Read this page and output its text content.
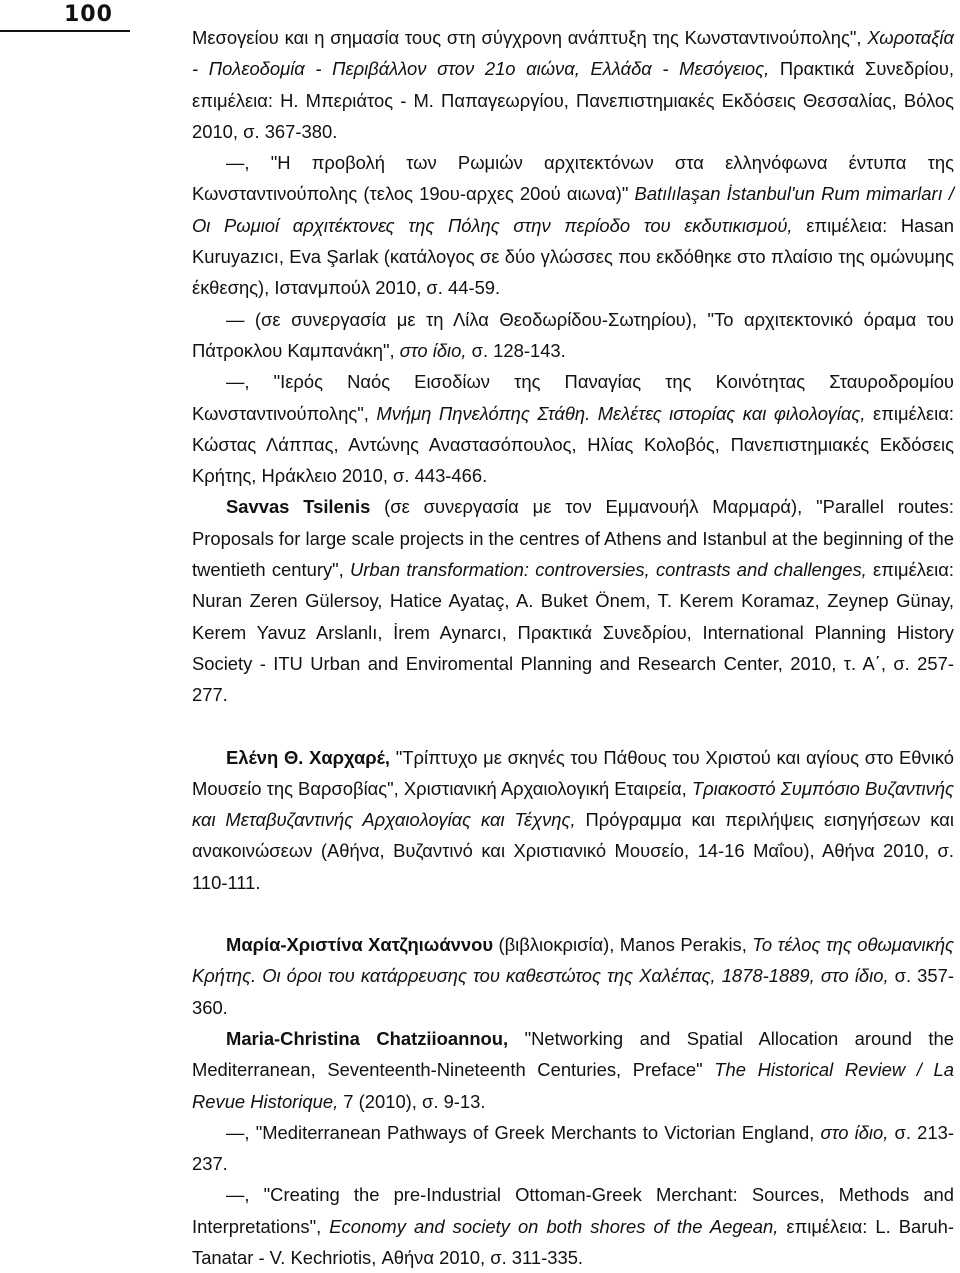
100

Μεσογείου και η σημασία τους στη σύγχρονη ανάπτυξη της Κωνσταντινούπολης", Χωροταξία - Πολεοδομία - Περιβάλλον στον 21ο αιώνα, Ελλάδα - Μεσόγειος, Πρακτικά Συνεδρίου, επιμέλεια: Η. Μπεριάτος - Μ. Παπαγεωργίου, Πανεπιστημιακές Εκδόσεις Θεσσαλίας, Βόλος 2010, σ. 367-380.

—, "Η προβολή των Ρωμιών αρχιτεκτόνων στα ελληνόφωνα έντυπα της Κωνσταντινούπολης (τελος 19ου-αρχες 20ού αιωνα)" Batılılaşan İstanbul'un Rum mimarları / Οι Ρωμιοί αρχιτέκτονες της Πόλης στην περίοδο του εκδυτικισμού, επιμέλεια: Hasan Kuruyazıcı, Eva Şarlak (κατάλογος σε δύο γλώσσες που εκδόθηκε στο πλαίσιο της ομώνυμης έκθεσης), Ισταvμπούλ 2010, σ. 44-59.

— (σε συνεργασία με τη Λίλα Θεοδωρίδου-Σωτηρίου), "Το αρχιτεκτονικό όραμα του Πάτροκλου Καμπανάκη", στο ίδιο, σ. 128-143.

—, "Ιερός Ναός Εισοδίων της Παναγίας της Κοινότητας Σταυροδρομίου Κωνσταντινούπολης", Μνήμη Πηνελόπης Στάθη. Μελέτες ιστορίας και φιλολογίας, επιμέλεια: Κώστας Λάππας, Αντώνης Αναστασόπουλος, Ηλίας Κολοβός, Πανεπιστημιακές Εκδόσεις Κρήτης, Ηράκλειο 2010, σ. 443-466.

Savvas Tsilenis (σε συνεργασία με τον Εμμανουήλ Μαρμαρά), "Parallel routes: Proposals for large scale projects in the centres of Athens and Istanbul at the beginning of the twentieth century", Urban transformation: controversies, contrasts and challenges, επιμέλεια: Nuran Zeren Gülersoy, Hatice Ayataç, A. Buket Önem, T. Kerem Koramaz, Zeynep Günay, Kerem Yavuz Arslanlı, İrem Aynarcı, Πρακτικά Συνεδρίου, International Planning History Society - ITU Urban and Enviromental Planning and Research Center, 2010, τ. Α΄, σ. 257-277.

Ελένη Θ. Χαρχαρέ, "Τρίπτυχο με σκηνές του Πάθους του Χριστού και αγίους στο Εθνικό Μουσείο της Βαρσοβίας", Χριστιανική Αρχαιολογική Εταιρεία, Τριακοστό Συμπόσιο Βυζαντινής και Μεταβυζαντινής Αρχαιολογίας και Τέχνης, Πρόγραμμα και περιλήψεις εισηγήσεων και ανακοινώσεων (Αθήνα, Βυζαντινό και Χριστιανικό Μουσείο, 14-16 Μαΐου), Αθήνα 2010, σ. 110-111.

Μαρία-Χριστίνα Χατζηιωάννου (βιβλιοκρισία), Manos Perakis, Το τέλος της οθωμανικής Κρήτης. Οι όροι του κατάρρευσης του καθεστώτος της Χαλέπας, 1878-1889, στο ίδιο, σ. 357-360.

Maria-Christina Chatziioannou, "Networking and Spatial Allocation around the Mediterranean, Seventeenth-Nineteenth Centuries, Preface" The Historical Review / La Revue Historique, 7 (2010), σ. 9-13.

—, "Mediterranean Pathways of Greek Merchants to Victorian England, στο ίδιο, σ. 213-237.

—, "Creating the pre-Industrial Ottoman-Greek Merchant: Sources, Methods and Interpretations", Economy and society on both shores of the Aegean, επιμέλεια: L. Baruh-Tanatar - V. Kechriotis, Αθήνα 2010, σ. 311-335.
